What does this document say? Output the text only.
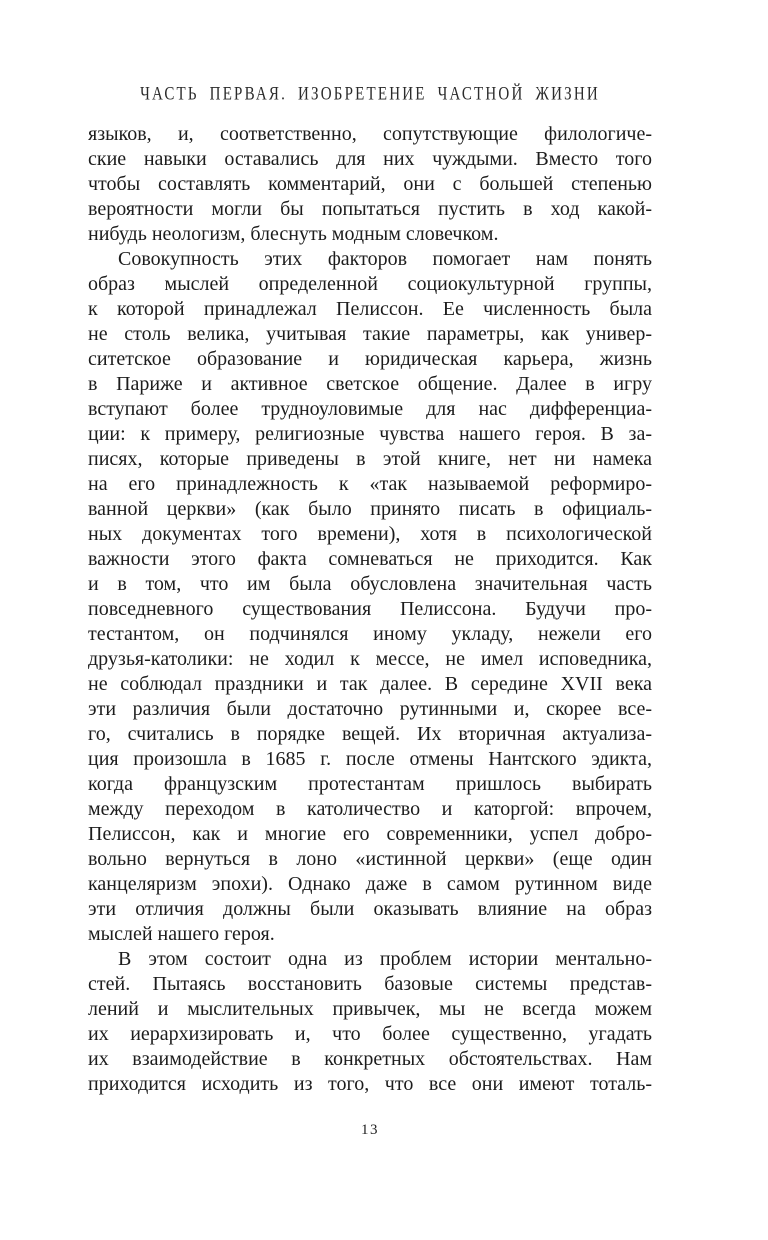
ЧАСТЬ ПЕРВАЯ. ИЗОБРЕТЕНИЕ ЧАСТНОЙ ЖИЗНИ
языков, и, соответственно, сопутствующие филологиче-
ские навыки оставались для них чуждыми. Вместо того
чтобы составлять комментарий, они с большей степенью
вероятности могли бы попытаться пустить в ход какой-
нибудь неологизм, блеснуть модным словечком.
Совокупность этих факторов помогает нам понять
образ мыслей определенной социокультурной группы,
к которой принадлежал Пелиссон. Ее численность была
не столь велика, учитывая такие параметры, как универ-
ситетское образование и юридическая карьера, жизнь
в Париже и активное светское общение. Далее в игру
вступают более трудноуловимые для нас дифференциа-
ции: к примеру, религиозные чувства нашего героя. В за-
писях, которые приведены в этой книге, нет ни намека
на его принадлежность к «так называемой реформиро-
ванной церкви» (как было принято писать в официаль-
ных документах того времени), хотя в психологической
важности этого факта сомневаться не приходится. Как
и в том, что им была обусловлена значительная часть
повседневного существования Пелиссона. Будучи про-
тестантом, он подчинялся иному укладу, нежели его
друзья-католики: не ходил к мессе, не имел исповедника,
не соблюдал праздники и так далее. В середине XVII века
эти различия были достаточно рутинными и, скорее все-
го, считались в порядке вещей. Их вторичная актуализа-
ция произошла в 1685 г. после отмены Нантского эдикта,
когда французским протестантам пришлось выбирать
между переходом в католичество и каторгой: впрочем,
Пелиссон, как и многие его современники, успел добро-
вольно вернуться в лоно «истинной церкви» (еще один
канцеляризм эпохи). Однако даже в самом рутинном виде
эти отличия должны были оказывать влияние на образ
мыслей нашего героя.
В этом состоит одна из проблем истории ментально-
стей. Пытаясь восстановить базовые системы представ-
лений и мыслительных привычек, мы не всегда можем
их иерархизировать и, что более существенно, угадать
их взаимодействие в конкретных обстоятельствах. Нам
приходится исходить из того, что все они имеют тоталь-
13
